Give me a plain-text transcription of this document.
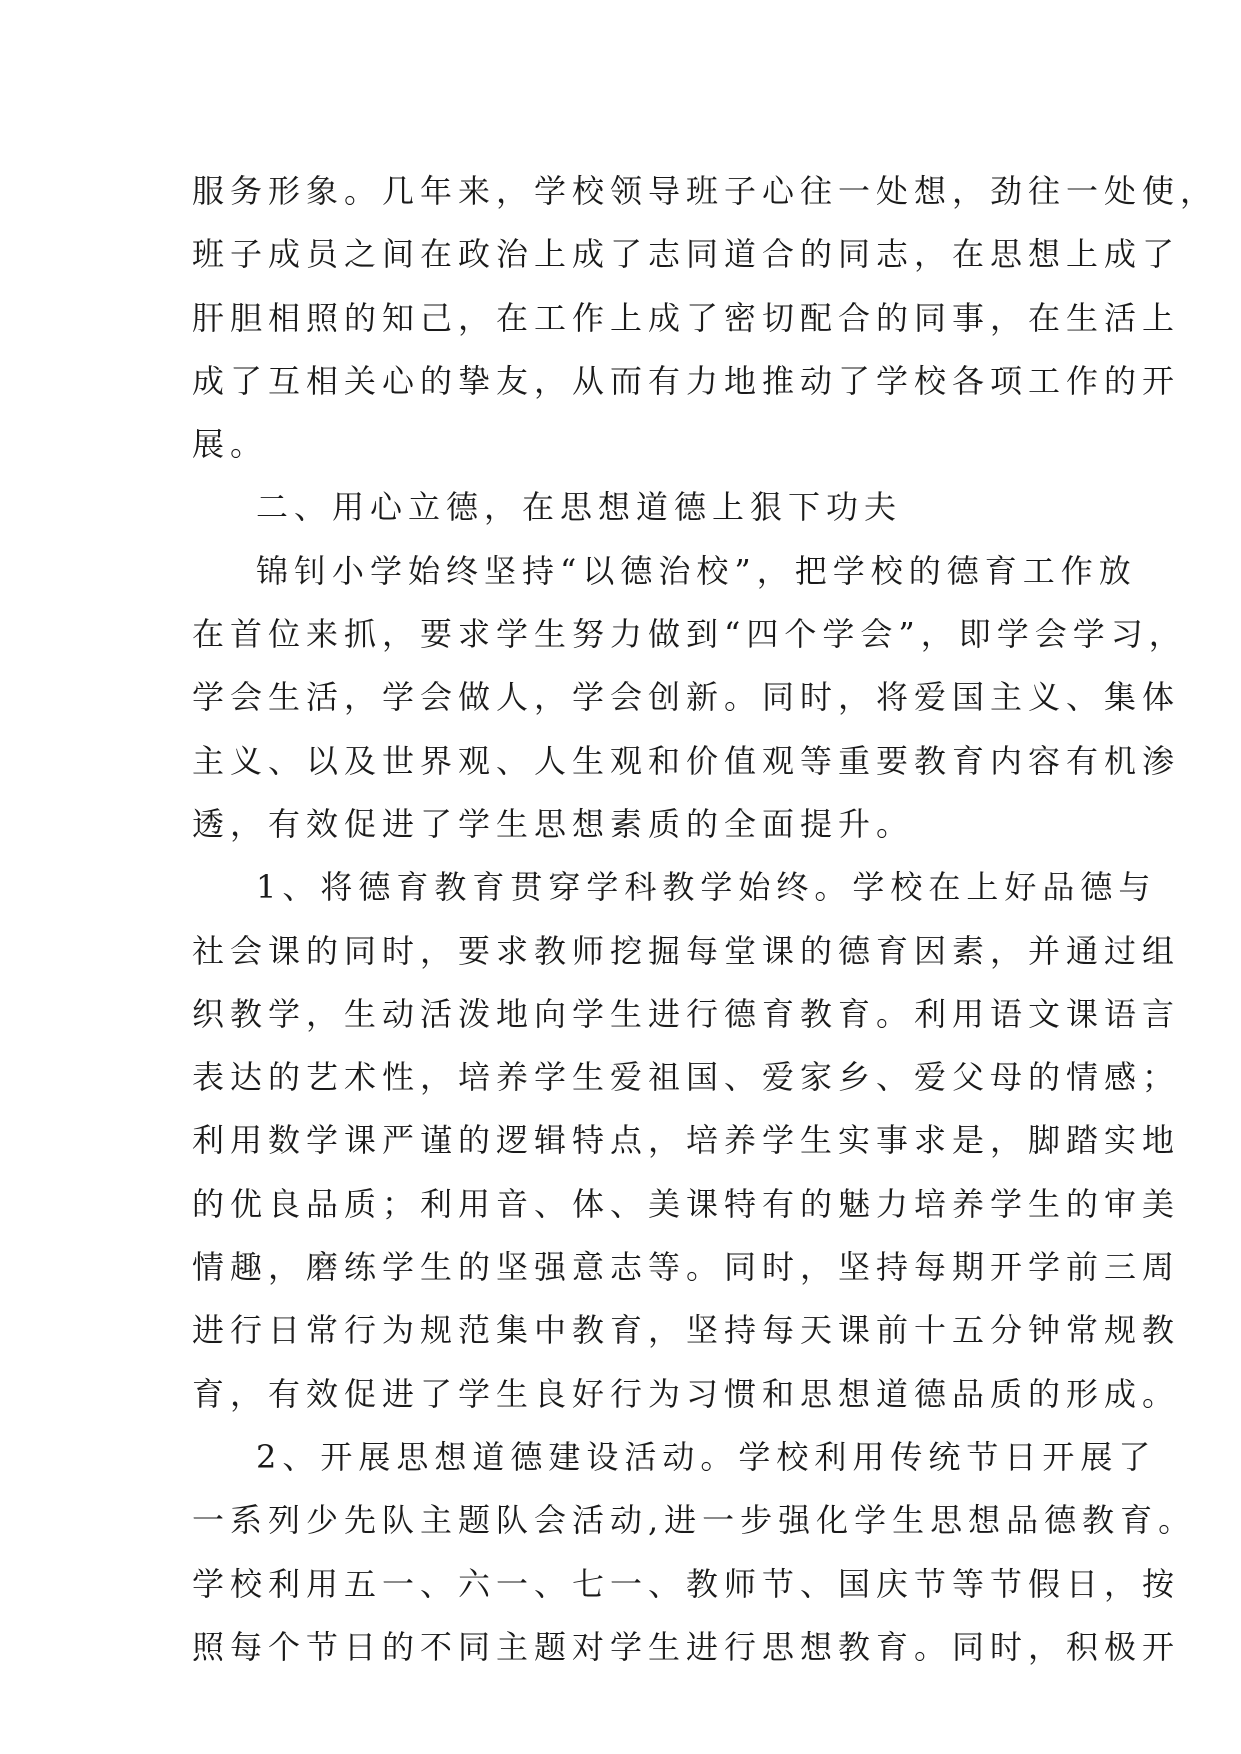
服务形象。几年来，学校领导班子心往一处想，劲往一处使，
班子成员之间在政治上成了志同道合的同志，在思想上成了
肝胆相照的知己，在工作上成了密切配合的同事，在生活上
成了互相关心的挚友，从而有力地推动了学校各项工作的开
展。
二、用心立德，在思想道德上狠下功夫
锦钊小学始终坚持“以德治校”，把学校的德育工作放
在首位来抓，要求学生努力做到“四个学会”，即学会学习，
学会生活，学会做人，学会创新。同时，将爱国主义、集体
主义、以及世界观、人生观和价值观等重要教育内容有机渗
透，有效促进了学生思想素质的全面提升。
1、将德育教育贯穿学科教学始终。学校在上好品德与
社会课的同时，要求教师挖掘每堂课的德育因素，并通过组
织教学，生动活泼地向学生进行德育教育。利用语文课语言
表达的艺术性，培养学生爱祖国、爱家乡、爱父母的情感；
利用数学课严谨的逻辑特点，培养学生实事求是，脚踏实地
的优良品质；利用音、体、美课特有的魅力培养学生的审美
情趣，磨练学生的坚强意志等。同时，坚持每期开学前三周
进行日常行为规范集中教育，坚持每天课前十五分钟常规教
育，有效促进了学生良好行为习惯和思想道德品质的形成。
2、开展思想道德建设活动。学校利用传统节日开展了
一系列少先队主题队会活动,进一步强化学生思想品德教育。
学校利用五一、六一、七一、教师节、国庆节等节假日，按
照每个节日的不同主题对学生进行思想教育。同时，积极开
